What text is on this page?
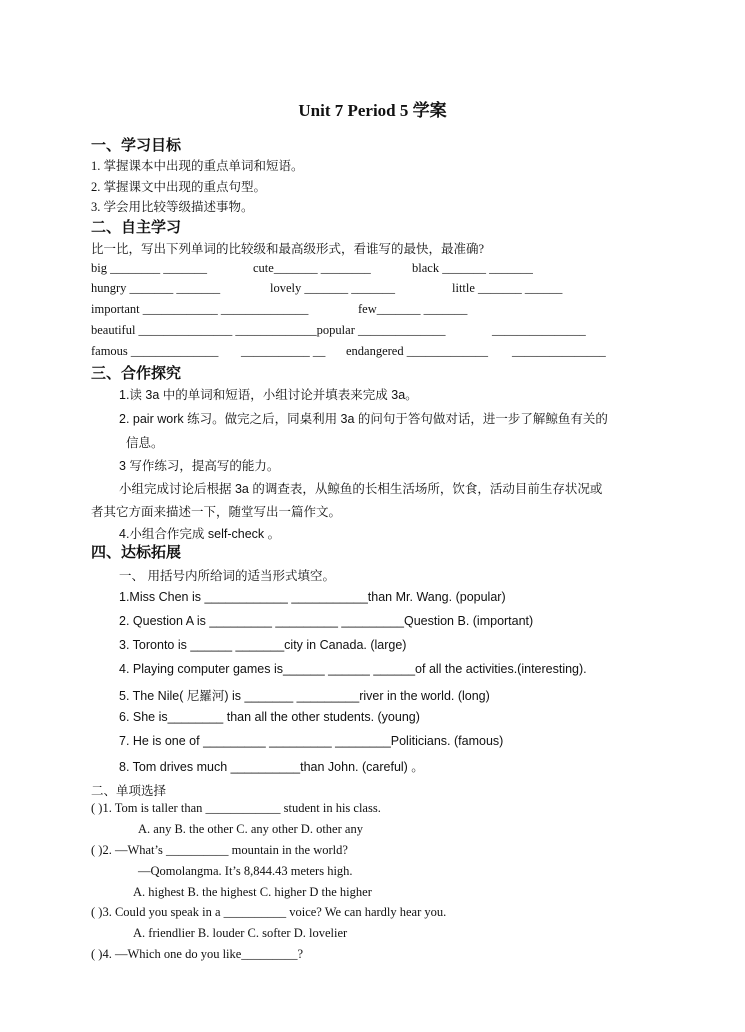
Unit 7 Period 5 学案
一、学习目标
1. 掌握课本中出现的重点单词和短语。
2. 掌握课文中出现的重点句型。
3. 学会用比较等级描述事物。
二、自主学习
比一比，写出下列单词的比较级和最高级形式，看谁写的最快，最准确?
big ________ _______	cute_______ ________	black _______ _______
hungry _______ _______	lovely _______ _______	little _______ ______
important ____________ ______________	few_______ _______
beautiful _______________ _____________popular ______________	_______________
famous ______________ ___________ __ endangered _____________ _______________
三、合作探究
1.读 3a 中的单词和短语，小组讨论并填表来完成 3a。
2. pair work 练习。做完之后，同桌利用 3a 的问句于答句做对话，进一步了解鲸鱼有关的
信息。
3 写作练习，提高写的能力。
小组完成讨论后根据 3a 的调查表，从鲸鱼的长相生活场所，饮食，活动目前生存状况或
者其它方面来描述一下，随堂写出一篇作文。
4.小组合作完成 self-check 。
四、达标拓展
一、 用括号内所给词的适当形式填空。
1.Miss Chen is ____________ ___________than Mr. Wang. (popular)
2. Question A is _________ _________ _________Question B. (important)
3. Toronto is ______ _______city in Canada. (large)
4. Playing computer games is______ ______ ______of all the activities.(interesting).
5. The Nile( 尼羅河) is _______ _________river in the world. (long)
6. She is________ than all the other students. (young)
7. He is one of _________ _________ ________Politicians. (famous)
8. Tom drives much __________than John. (careful) 。
二、单项选择
( )1. Tom is taller than ____________ student in his class.
A. any B. the other C. any other D. other any
( )2. —What’s __________ mountain in the world?
—Qomolangma. It’s 8,844.43 meters high.
A. highest B. the highest C. higher D the higher
( )3. Could you speak in a __________ voice? We can hardly hear you.
A. friendlier B. louder C. softer D. lovelier
( )4. —Which one do you like_________?
